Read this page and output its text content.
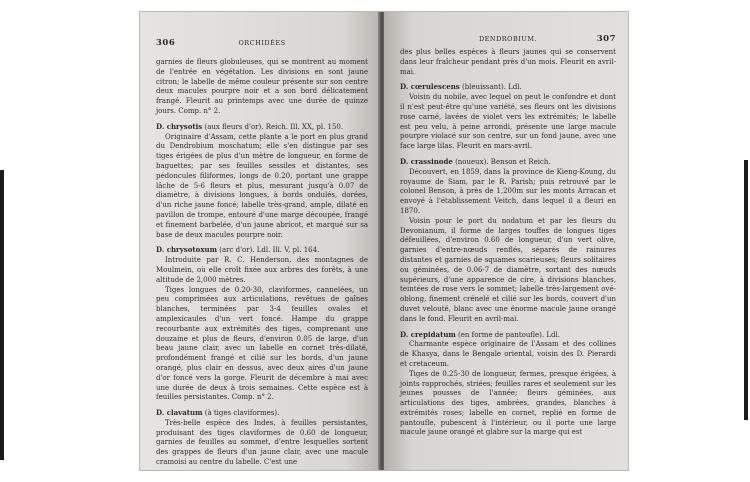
306	ORCHIDÉES

garnies de fleurs globuleuses, qui se montrent au moment de l'entrée en végétation. Les divisions en sont jaune citron; le labelle de même couleur présente sur son centre deux macules pourpre noir et a son bord délicatement frangé. Fleurit au printemps avec une durée de quinze jours. Comp. n° 2.

D. chrysotis (aux fleurs d'or). Reich. Ill. XX, pl. 150.

Originaire d'Assam, cette plante a le port en plus grand du Dendrobium moschatum; elle s'en distingue par ses tiges érigées de plus d'un mètre de longueur, en forme de baguettes; par ses feuilles sessiles et distantes, ses pédoncules filiformes, longs de 0.20, portant une grappe lâche de 5-6 fleurs et plus, mesurant jusqu'à 0.07 de diamètre, à divisions longues, à bords ondulés, dorées, d'un riche jaune foncé; labelle très-grand, ample, dilaté en pavillon de trompe, entouré d'une marge découpée, frangé et finement barbelée, d'un jaune abricot, et marqué sur sa base de deux macules pourpre noir.

D. chrysotoxum (arc d'or). Ldl. Ill. V, pl. 164.

Introduite par R. C. Henderson, des montagnes de Moulmein, où elle croît fixée aux arbres des forêts, à une altitude de 2,000 mètres.

Tiges longues de 0.20-30, claviformes, cannelées, un peu comprimées aux articulations, revêtues de gaînes blanches, terminées par 3-4 feuilles ovales et amplexicaules d'un vert foncé. Hampe du grappe recourbante aux extrémités des tiges, comprenant une douzaine et plus de fleurs, d'environ 0.05 de large, d'un beau jaune clair, avec un labelle en cornet très-dilaté, profondément frangé et cilié sur les bords, d'un jaune orangé, plus clair en dessus, avec deux aires d'un jaune d'or foncé vers la gorge. Fleurit de décembre à mai avec une durée de deux à trois semaines. Cette espèce est à feuilles persistantes. Comp. n° 2.

D. clavatum (à tiges claviformes).

Très-belle espèce des Indes, à feuilles persistantes, produisant des tiges claviformes de 0.60 de longueur, garnies de feuilles au sommet, d'entre lesquelles sortent des grappes de fleurs d'un jaune clair, avec une macule cramoisi au centre du labelle. C'est une

DENDROBIUM.	307

des plus belles espèces à fleurs jaunes qui se conservent dans leur fraîcheur pendant près d'un mois. Fleurit en avril-mai.

D. cœrulescens (bleuissant). Ldl.

Voisin du nobile, avec lequel on peut le confondre et dont il n'est peut-être qu'une variété, ses fleurs ont les divisions rose carné, lavées de violet vers les extrémités; le labelle est peu velu, à peine arrondi, présente une large macule pourpre violacé sur son centre, sur un fond jaune, avec une face large lilas. Fleurit en mars-avril.

D. crassinode (noueux). Benson et Reich.

Découvert, en 1859, dans la province de Kieng-Koung, du royaume de Siam, par le R. Parish; puis retrouvé par le colonel Benson, à près de 1,200m sur les monts Arracan et envoyé à l'établissement Veitch, dans lequel il a fleuri en 1870.

Voisin pour le port du nodatum et par les fleurs du Devonianum, il forme de larges touffes de longues tiges défeuillées, d'environ 0.60 de longueur, d'un vert olive, garnies d'entre-nœuds renflés, séparés de rainures distantes et garnies de squames scarieuses; fleurs solitaires ou géminées, de 0.06-7 de diamètre, sortant des nœuds supérieurs, d'une apparence de cire, à divisions blanches, teintées de rose vers le sommet; labelle très-largement ové-oblong, finement crénelé et cilié sur les bords, couvert d'un duvet velouté, blanc avec une énorme macule jaune orangé dans le fond. Fleurit en avril-mai.

D. crepidatum (en forme de pantoufle). Ldl.

Charmante espèce originaire de l'Assam et des collines de Khasya, dans le Bengale oriental, voisin des D. Pierardi et cretaceum.

Tiges de 0.25-30 de longueur, fermes, presque érigées, à joints rapprochés, striées; feuilles rares et seulement sur les jeunes pousses de l'année; fleurs géminées, aux articulations des tiges, ambrées, grandes, blanches à extrémités roses; labelle en cornet, replié en forme de pantoufle, pubescent à l'intérieur, ou il porte une large macule jaune orangé et glabre sur la marge qui est
